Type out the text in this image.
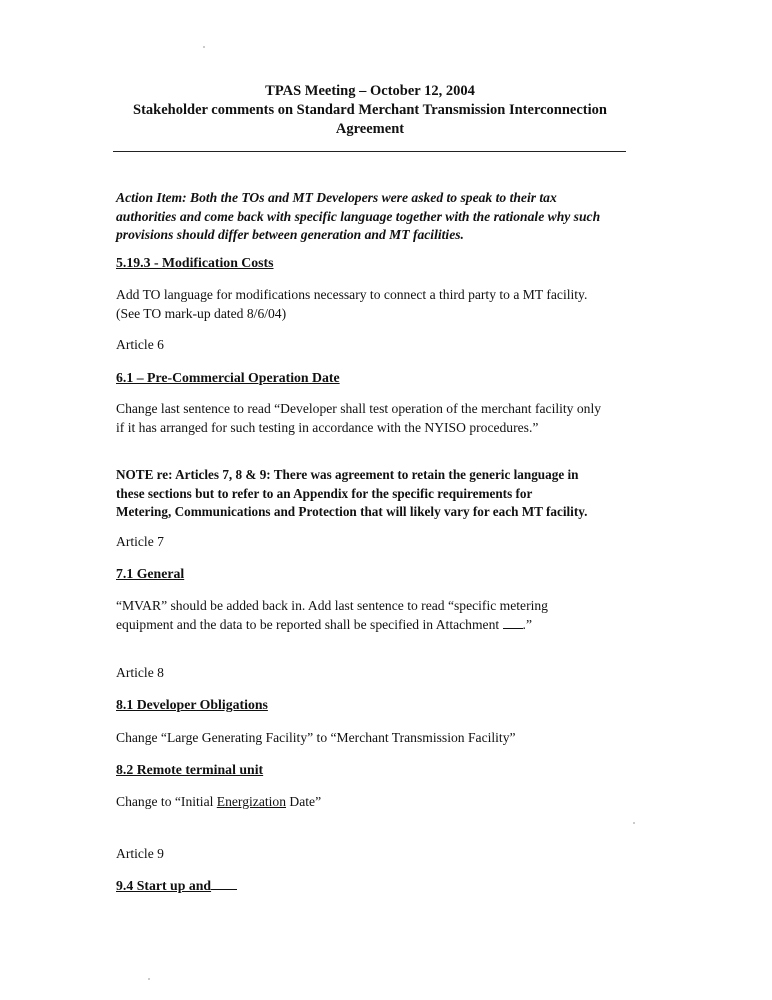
TPAS Meeting – October 12, 2004
Stakeholder comments on Standard Merchant Transmission Interconnection
Agreement
Action Item: Both the TOs and MT Developers were asked to speak to their tax
authorities and come back with specific language together with the rationale why such
provisions should differ between generation and MT facilities.
5.19.3 - Modification Costs
Add TO language for modifications necessary to connect a third party to a MT facility.
(See TO mark-up dated 8/6/04)
Article 6
6.1 – Pre-Commercial Operation Date
Change last sentence to read “Developer shall test operation of the merchant facility only
if it has arranged for such testing in accordance with the NYISO procedures.”
NOTE re: Articles 7, 8 & 9: There was agreement to retain the generic language in
these sections but to refer to an Appendix for the specific requirements for
Metering, Communications and Protection that will likely vary for each MT facility.
Article 7
7.1 General
“MVAR” should be added back in. Add last sentence to read “specific metering
equipment and the data to be reported shall be specified in Attachment .”
Article 8
8.1 Developer Obligations
Change “Large Generating Facility” to “Merchant Transmission Facility”
8.2 Remote terminal unit
Change to “Initial Energization Date”
Article 9
9.4 Start up and
